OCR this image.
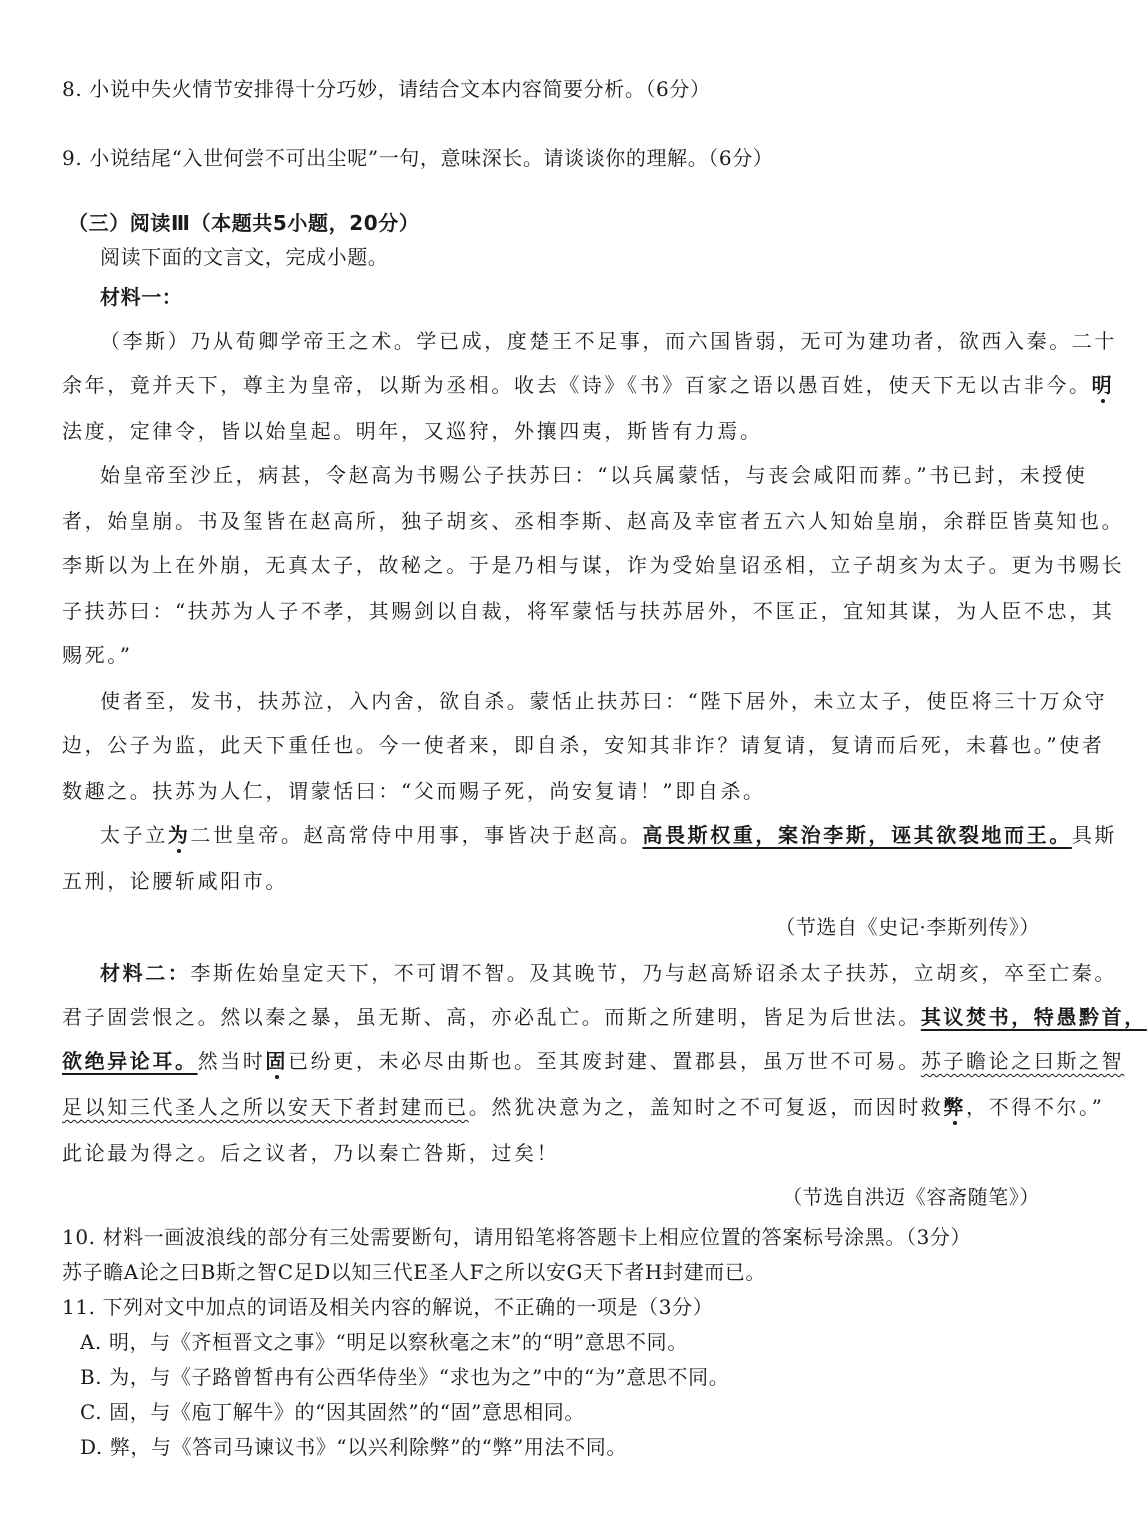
8. 小说中失火情节安排得十分巧妙，请结合文本内容简要分析。（6分）
9. 小说结尾“入世何尝不可出尘呢”一句，意味深长。请谈谈你的理解。（6分）
（三）阅读Ⅲ（本题共5小题，20分）
阅读下面的文言文，完成小题。
材料一：
（李斯）乃从荀卿学帝王之术。学已成，度楚王不足事，而六国皆弱，无可为建功者，欲西入秦。二十
余年，竟并天下，尊主为皇帝，以斯为丞相。收去《诗》《书》百家之语以愚百姓，使天下无以古非今。明
法度，定律令，皆以始皇起。明年，又巡狩，外攘四夷，斯皆有力焉。
始皇帝至沙丘，病甚，令赵高为书赐公子扶苏曰：“以兵属蒙恬，与丧会咸阳而葬。”书已封，未授使
者，始皇崩。书及玺皆在赵高所，独子胡亥、丞相李斯、赵高及幸宦者五六人知始皇崩，余群臣皆莫知也。
李斯以为上在外崩，无真太子，故秘之。于是乃相与谋，诈为受始皇诏丞相，立子胡亥为太子。更为书赐长
子扶苏曰：“扶苏为人子不孝，其赐剑以自裁，将军蒙恬与扶苏居外，不匡正，宜知其谋，为人臣不忠，其
赐死。”
使者至，发书，扶苏泣，入内舍，欲自杀。蒙恬止扶苏曰：“陛下居外，未立太子，使臣将三十万众守
边，公子为监，此天下重任也。今一使者来，即自杀，安知其非诈？请复请，复请而后死，未暮也。”使者
数趣之。扶苏为人仁，谓蒙恬曰：“父而赐子死，尚安复请！”即自杀。
太子立为二世皇帝。赵高常侍中用事，事皆决于赵高。高畏斯权重，案治李斯，诬其欲裂地而王。具斯
五刑，论腰斩咸阳市。
（节选自《史记·李斯列传》）
材料二：李斯佐始皇定天下，不可谓不智。及其晚节，乃与赵高矫诏杀太子扶苏，立胡亥，卒至亡秦。
君子固尝恨之。然以秦之暴，虽无斯、高，亦必乱亡。而斯之所建明，皆足为后世法。其议焚书，特愚黔首，
欲绝异论耳。然当时固已纷更，未必尽由斯也。至其废封建、置郡县，虽万世不可易。苏子瞻论之曰斯之智
足以知三代圣人之所以安天下者封建而已。然犹决意为之，盖知时之不可复返，而因时救弊，不得不尔。”
此论最为得之。后之议者，乃以秦亡咎斯，过矣！
（节选自洪迈《容斋随笔》）
10. 材料一画波浪线的部分有三处需要断句，请用铅笔将答题卡上相应位置的答案标号涂黑。（3分）
苏子瞻A论之曰B斯之智C足D以知三代E圣人F之所以安G天下者H封建而已。
11. 下列对文中加点的词语及相关内容的解说，不正确的一项是（3分）
A. 明，与《齐桓晋文之事》“明足以察秋毫之末”的“明”意思不同。
B. 为，与《子路曾皙冉有公西华侍坐》“求也为之”中的“为”意思不同。
C. 固，与《庖丁解牛》的“因其固然”的“固”意思相同。
D. 弊，与《答司马谏议书》“以兴利除弊”的“弊”用法不同。
